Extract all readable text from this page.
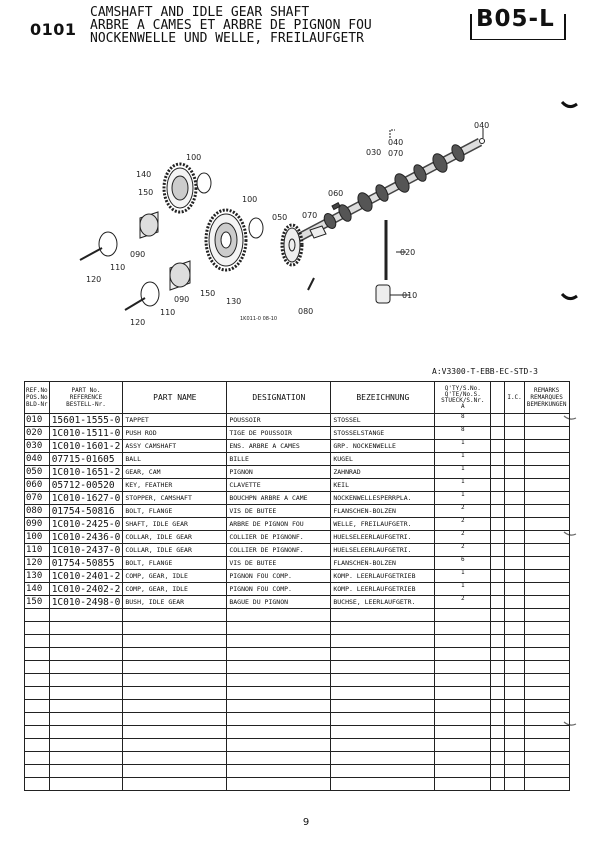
0101
CAMSHAFT AND IDLE GEAR SHAFT
ARBRE A CAMES ET ARBRE DE PIGNON FOU
NOCKENWELLE UND WELLE, FREILAUFGETR
B05-L
020
010
040
040
030 070
060
050 070
080
100
100
140
150
150
130
090
090
110
110
120
120	1K011-0 08-10
A:V3300-T-EBB-EC-STD-3
REF.No
POS.No
BLD-Nr	PART No.
REFERENCE
BESTELL-Nr.	PART NAME	DESIGNATION	BEZEICHNUNG	Q'TY/S.No.
Q'TE/No.S.
STUECK/S.Nr.
A		I.C.	REMARKS
REMARQUES
BEMERKUNGEN
010	15601-1555-0	TAPPET	POUSSOIR	STOSSEL	8			
020	1C010-1511-0	PUSH ROD	TIGE DE POUSSOIR	STOSSELSTANGE	8			
030	1C010-1601-2	ASSY CAMSHAFT	ENS. ARBRE A CAMES	GRP. NOCKENWELLE	1			
040	07715-01605	BALL	BILLE	KUGEL	1			
050	1C010-1651-2	GEAR, CAM	PIGNON	ZAHNRAD	1			
060	05712-00520	KEY, FEATHER	CLAVETTE	KEIL	1			
070	1C010-1627-0	STOPPER, CAMSHAFT	BOUCHPN ARBRE A CAME	NOCKENWELLESPERRPLA.	1			
080	01754-50816	BOLT, FLANGE	VIS DE BUTEE	FLANSCHEN-BOLZEN	2			
090	1C010-2425-0	SHAFT, IDLE GEAR	ARBRE DE PIGNON FOU	WELLE, FREILAUFGETR.	2			
100	1C010-2436-0	COLLAR, IDLE GEAR	COLLIER DE PIGNONF.	HUELSELEERLAUFGETRI.	2			
110	1C010-2437-0	COLLAR, IDLE GEAR	COLLIER DE PIGNONF.	HUELSELEERLAUFGETRI.	2			
120	01754-50855	BOLT, FLANGE	VIS DE BUTEE	FLANSCHEN-BOLZEN	6			
130	1C010-2401-2	COMP, GEAR, IDLE	PIGNON FOU COMP.	KOMP. LEERLAUFGETRIEB	1			
140	1C010-2402-2	COMP, GEAR, IDLE	PIGNON FOU COMP.	KOMP. LEERLAUFGETRIEB	1			
150	1C010-2498-0	BUSH, IDLE GEAR	BAGUE DU PIGNON	BUCHSE, LEERLAUFGETR.	2			

9
